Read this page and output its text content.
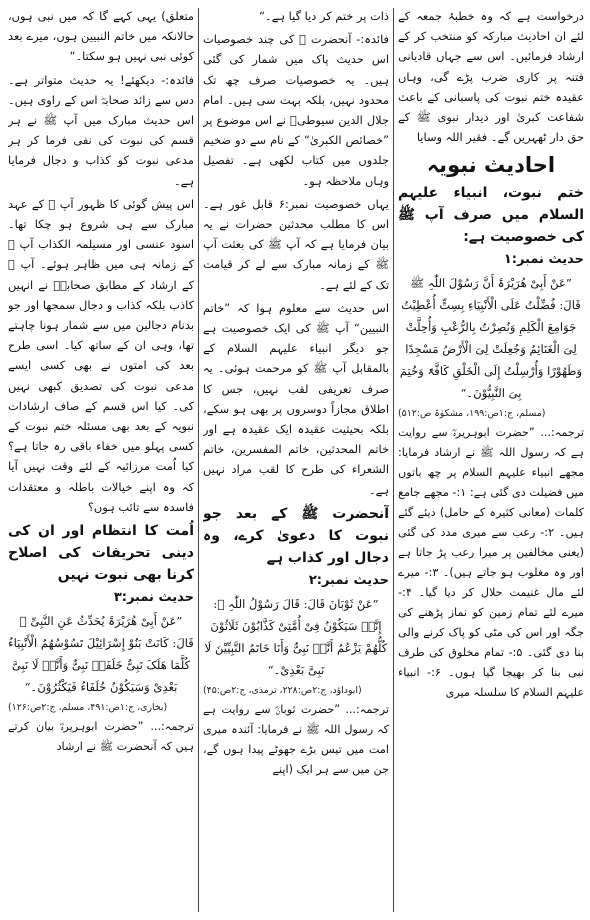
درخواست ہے کہ وہ خطبۂ جمعہ کے لئے ان احادیث مبارکہ کو منتخب کر کے ارشاد فرمائیں۔ اس سے جہاں قادیانی فتنہ پر کاری ضرب پڑے گی، وہاں عقیدہ ختم نبوت کی پاسبانی کے باعث شفاعت کبریٰ اور دیدار نبوی ﷺ کے حق دار ٹھہریں گے۔ فقیر اللہ وسایا

احادیث نبویہ
ختم نبوت، انبیاء علیہم السلام میں صرف آپ ﷺ کی خصوصیت ہے:
حدیث نمبر:۱
”عَنْ أَبِیْ ھُرَیْرَۃَ أَنَّ رَسُوْلَ اللّٰہِ ﷺ قَالَ: فُضِّلْتُ عَلَی الْأَنْبِیَاءِ بِسِتٍّ أُعْطِیْتُ جَوَامِعَ الْکَلِمِ وَنُصِرْتُ بِالرُّعْبِ وَأُحِلَّتْ لِیَ الْغَنَائِمُ وَجُعِلَتْ لِیَ الْأَرْضُ مَسْجِدًا وَطَھُوْرًا وَأُرْسِلْتُ إِلَی الْخَلْقِ کَافَّۃً وَخُتِمَ بِیَ النَّبِیُّوْنَ۔“
(مسلم، ج:۱ص:۱۹۹، مشکوٰۃ ص:۵۱۲)

ترجمہ:... ”حضرت ابوہریرہؓ سے روایت ہے کہ رسول اللہ ﷺ نے ارشاد فرمایا: مجھے انبیاء علیہم السلام پر چھ باتوں میں فضیلت دی گئی ہے: ۱:- مجھے جامع کلمات (معانی کثیرہ کے حامل) دیئے گئے ہیں۔ ۲:- رعب سے میری مدد کی گئی (یعنی مخالفین پر میرا رعب پڑ جاتا ہے اور وہ مغلوب ہو جاتے ہیں)۔ ۳:- میرے لئے مال غنیمت حلال کر دیا گیا۔ ۴:- میرے لئے تمام زمین کو نماز پڑھنے کی جگہ اور اس کی مٹی کو پاک کرنے والی بنا دی گئی۔ ۵:- تمام مخلوق کی طرف نبی بنا کر بھیجا گیا ہوں۔ ۶:- انبیاء علیہم السلام کا سلسلہ میری

ذات پر ختم کر دیا گیا ہے۔“

فائدہ:- آنحضرت ﷺ کی چند خصوصیات اس حدیث پاک میں شمار کی گئی ہیں۔ یہ خصوصیات صرف چھ تک محدود نہیں، بلکہ بہت سی ہیں۔ امام جلال الدین سیوطیؒ نے اس موضوع پر ”خصائص الکبریٰ“ کے نام سے دو ضخیم جلدوں میں کتاب لکھی ہے۔ تفصیل وہاں ملاحظہ ہو۔

یہاں خصوصیت نمبر:۶ قابل غور ہے۔ اس کا مطلب محدثین حضرات نے یہ بیان فرمایا ہے کہ آپ ﷺ کی بعثت آپ ﷺ کے زمانہ مبارک سے لے کر قیامت تک کے لئے ہے۔

اس حدیث سے معلوم ہوا کہ ”خاتم النبیین“ آپ ﷺ کی ایک خصوصیت ہے جو دیگر انبیاء علیہم السلام کے بالمقابل آپ ﷺ کو مرحمت ہوئی۔ یہ صرف تعریفی لقب نہیں، جس کا اطلاق مجازاً دوسروں پر بھی ہو سکے، بلکہ بحیثیت عقیدہ ایک عقیدہ ہے اور خاتم المحدثین، خاتم المفسرین، خاتم الشعراء کی طرح کا لقب مراد نہیں ہے۔

آنحضرت ﷺ کے بعد جو نبوت کا دعویٰ کرے، وہ دجال اور کذاب ہے
حدیث نمبر:۲
”عَنْ ثَوْبَانَ قَالَ: قَالَ رَسُوْلُ اللّٰہِ ﷺ: إِنَّہٗ سَیَکُوْنُ فِیْ أُمَّتِیْ کَذَّابُوْنَ ثَلَاثُوْنَ کُلُّھُمْ یَزْعُمُ أَنَّہٗ نَبِیٌّ وَأَنَا خَاتَمُ النَّبِیِّیْنَ لَا نَبِیَّ بَعْدِیْ۔“
(ابوداؤد، ج:۲ص:۲۲۸، ترمذی، ج:۲ص:۴۵)

ترجمہ:... ”حضرت ثوبانؓ سے روایت ہے کہ رسول اللہ ﷺ نے فرمایا: آئندہ میری امت میں تیس بڑے جھوٹے پیدا ہوں گے، جن میں سے ہر ایک (اپنے

متعلق) یہی کہے گا کہ میں نبی ہوں، حالانکہ میں خاتم النبیین ہوں، میرے بعد کوئی نبی نہیں ہو سکتا۔“

فائدہ:- دیکھئے! یہ حدیث متواتر ہے۔ دس سے زائد صحابہؓ اس کے راوی ہیں۔ اس حدیث مبارک میں آپ ﷺ نے ہر قسم کی نبوت کی نفی فرما کر ہر مدعی نبوت کو کذاب و دجال فرمایا ہے۔

اس پیش گوئی کا ظہور آپ ﷺ کے عہد مبارک سے ہی شروع ہو چکا تھا۔ اسود عنسی اور مسیلمہ الکذاب آپ ﷺ کے زمانہ ہی میں ظاہر ہوئے۔ آپ ﷺ کے ارشاد کے مطابق صحابہؓ نے انہیں کاذب بلکہ کذاب و دجال سمجھا اور جو بدنام دجالین میں سے شمار ہونا چاہتے تھا، وہی ان کے ساتھ کیا۔ اسی طرح بعد کی امتوں نے بھی کسی ایسے مدعی نبوت کی تصدیق کبھی نہیں کی۔ کیا اس قسم کے صاف ارشادات نبویہ کے بعد بھی مسئلہ ختم نبوت کے کسی پہلو میں خفاء باقی رہ جاتا ہے؟ کیا اُمت مرزائیہ کے لئے وقت نہیں آیا کہ وہ اپنے خیالات باطلہ و معتقدات فاسدہ سے تائب ہوں؟

اُمت کا انتظام اور ان کی دینی تحریفات کی اصلاح کرنا بھی نبوت نہیں
حدیث نمبر:۳
”عَنْ أَبِیْ ھُرَیْرَۃَ یُحَدِّثُ عَنِ النَّبِیِّ ﷺ قَالَ: کَانَتْ بَنُوْ إِسْرَائِیْلَ تَسُوْسُھُمُ الْأَنْبِیَاءُ کُلَّمَا ھَلَکَ نَبِیٌّ خَلَفَہٗ نَبِیٌّ وَأَنَّہٗ لَا نَبِیَّ بَعْدِیْ وَسَیَکُوْنُ خُلَفَاءُ فَیَکْثُرُوْنَ۔“
(بخاری، ج:۱ص:۴۹۱، مسلم، ج:۲ص:۱۲۶)

ترجمہ:... ”حضرت ابوہریرہؓ بیان کرتے ہیں کہ آنحضرت ﷺ نے ارشاد
